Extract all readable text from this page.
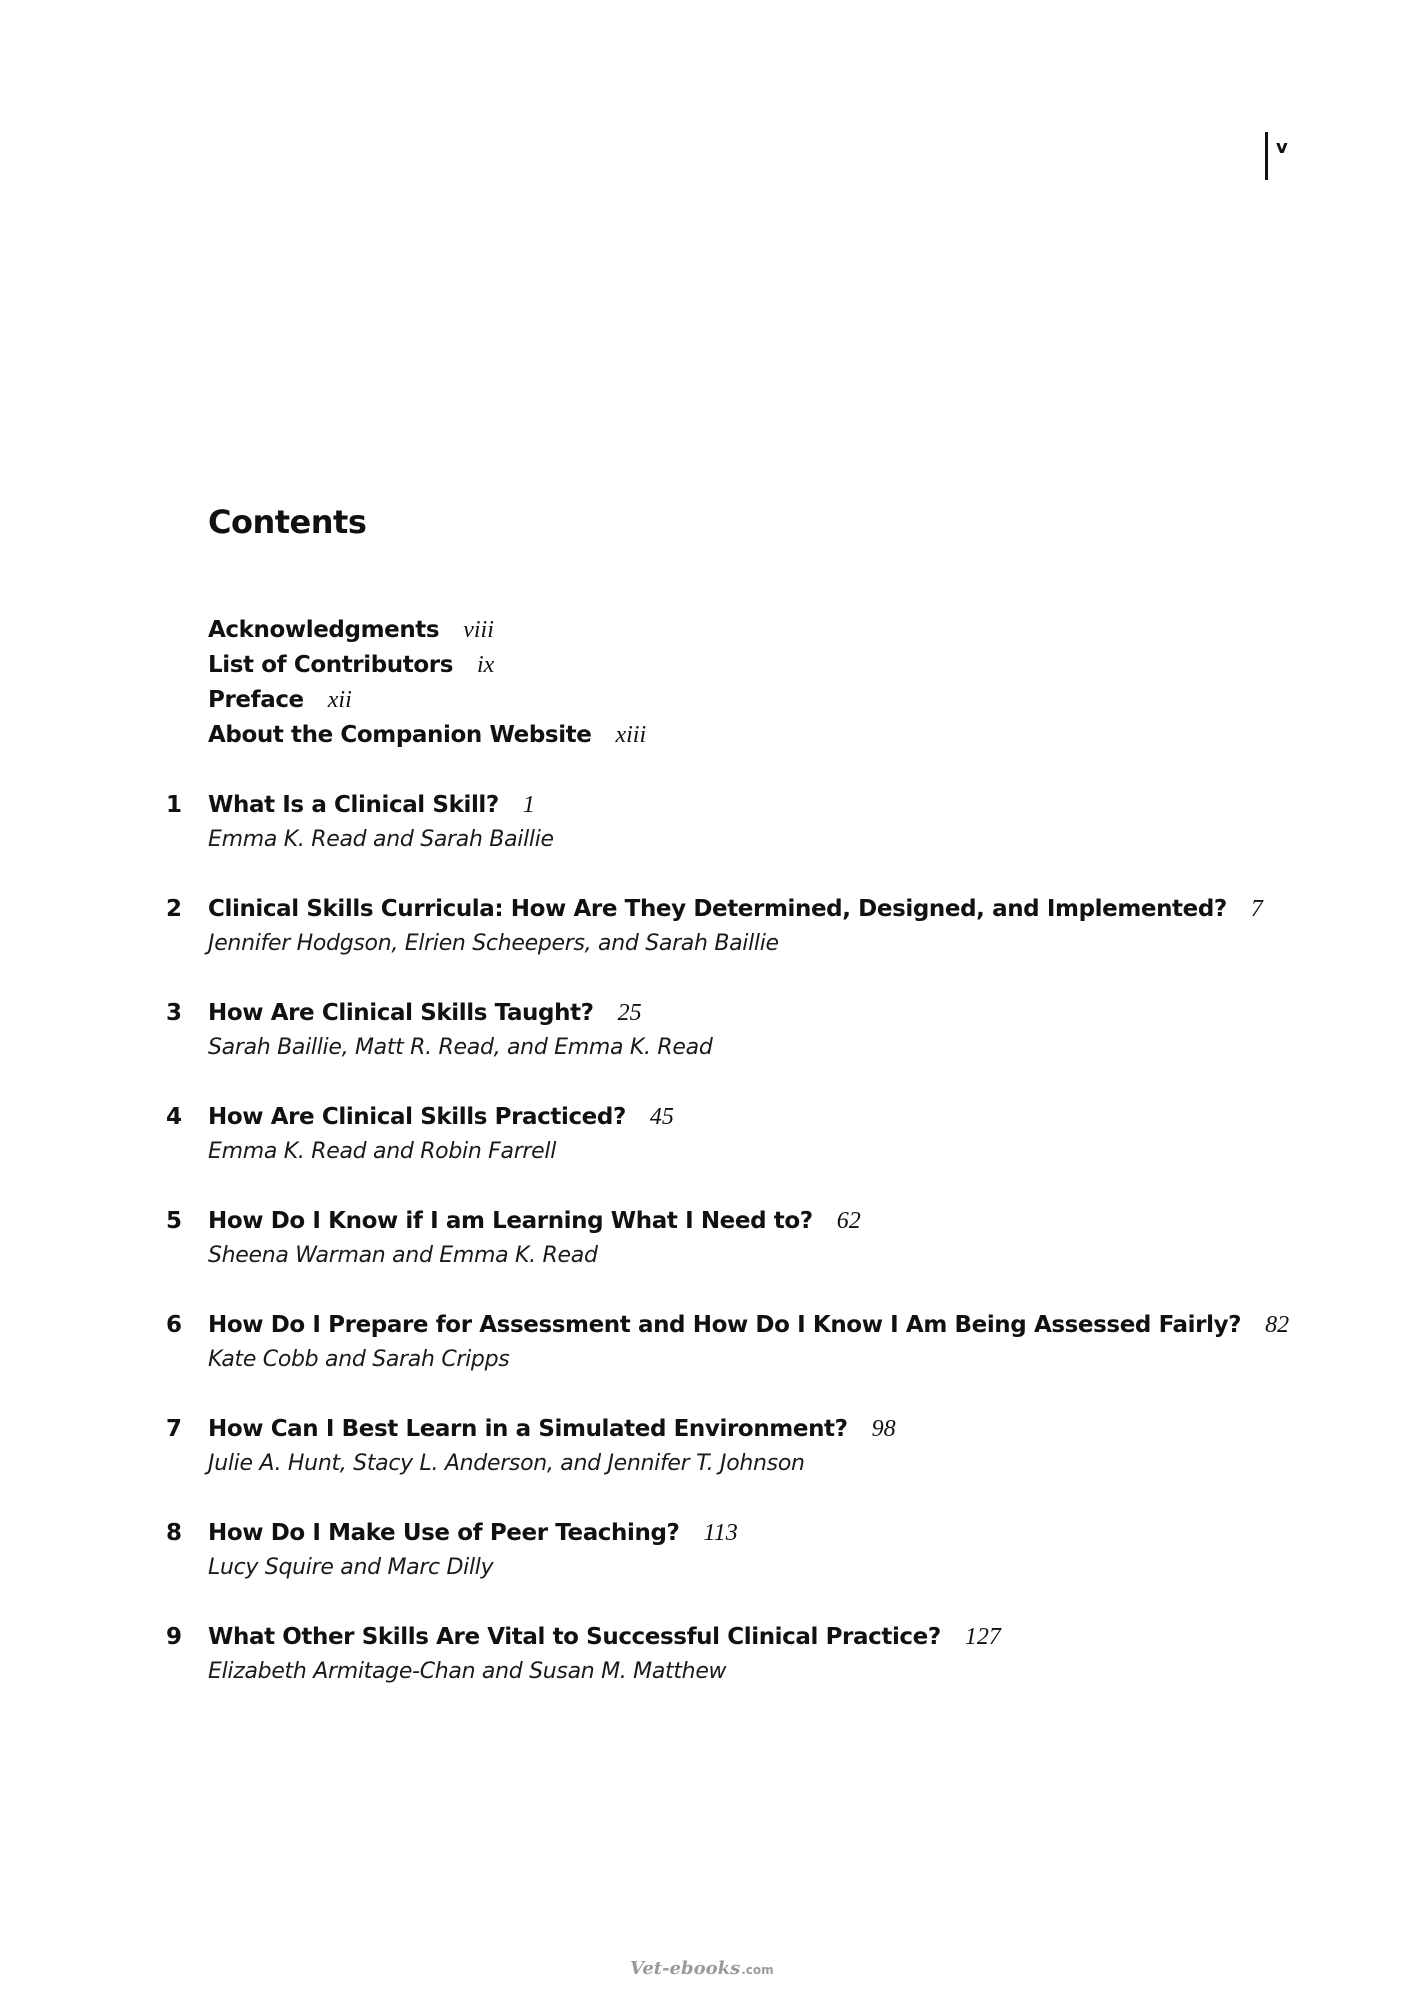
v
Contents
Acknowledgments viii
List of Contributors ix
Preface xii
About the Companion Website xiii
1 What Is a Clinical Skill? 1
Emma K. Read and Sarah Baillie
2 Clinical Skills Curricula: How Are They Determined, Designed, and Implemented? 7
Jennifer Hodgson, Elrien Scheepers, and Sarah Baillie
3 How Are Clinical Skills Taught? 25
Sarah Baillie, Matt R. Read, and Emma K. Read
4 How Are Clinical Skills Practiced? 45
Emma K. Read and Robin Farrell
5 How Do I Know if I am Learning What I Need to? 62
Sheena Warman and Emma K. Read
6 How Do I Prepare for Assessment and How Do I Know I Am Being Assessed Fairly? 82
Kate Cobb and Sarah Cripps
7 How Can I Best Learn in a Simulated Environment? 98
Julie A. Hunt, Stacy L. Anderson, and Jennifer T. Johnson
8 How Do I Make Use of Peer Teaching? 113
Lucy Squire and Marc Dilly
9 What Other Skills Are Vital to Successful Clinical Practice? 127
Elizabeth Armitage-Chan and Susan M. Matthew
Vet-ebooks.com
